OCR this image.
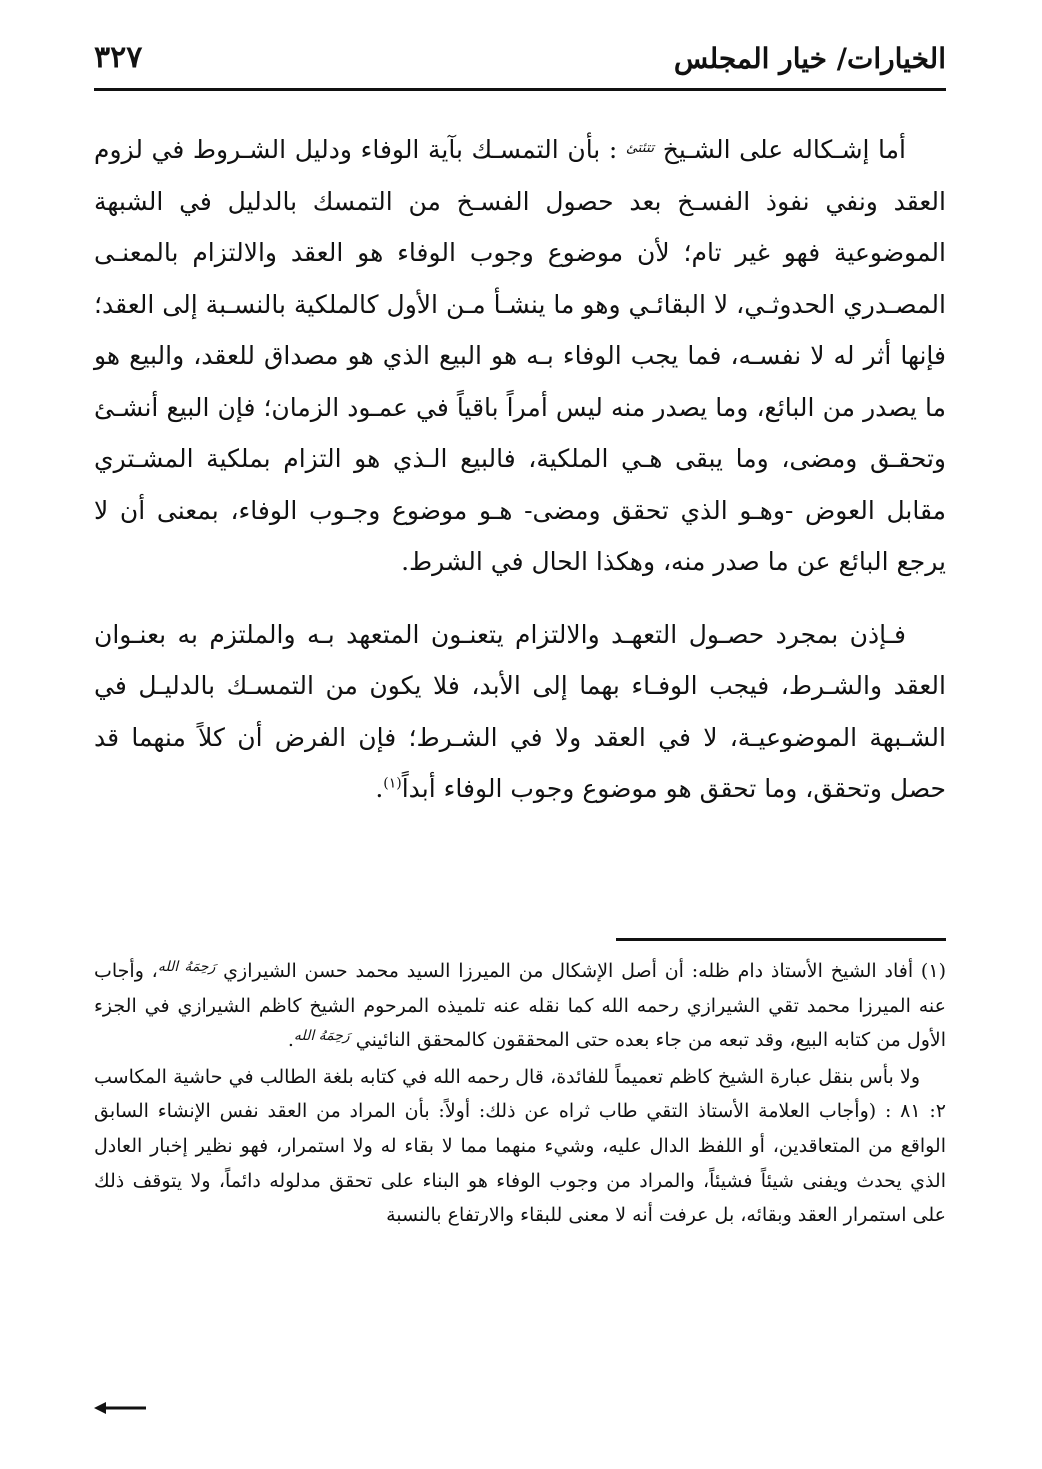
الخيارات/ خيار المجلس
٣٢٧

أما إشـكاله على الشـيخ $^{تتئتئ}$ : بأن التمسـك بآية الوفاء ودليل الشـروط في لزوم العقد ونفي نفوذ الفسـخ بعد حصول الفسـخ من التمسك بالدليل في الشبهة الموضوعية فهو غير تام؛ لأن موضوع وجوب الوفاء هو العقد والالتزام بالمعنـى المصـدري الحدوثـي، لا البقائـي وهو ما ينشـأ مـن الأول كالملكية بالنسـبة إلى العقد؛ فإنها أثر له لا نفسـه، فما يجب الوفاء بـه هو البيع الذي هو مصداق للعقد، والبيع هو ما يصدر من البائع، وما يصدر منه ليس أمراً باقياً في عمـود الزمان؛ فإن البيع أنشـئ وتحقـق ومضى، وما يبقى هـي الملكية، فالبيع الـذي هو التزام بملكية المشـتري مقابل العوض -وهـو الذي تحقق ومضى- هـو موضوع وجـوب الوفاء، بمعنى أن لا يرجع البائع عن ما صدر منه، وهكذا الحال في الشرط.

فـإذن بمجرد حصـول التعهـد والالتزام يتعنـون المتعهد بـه والملتزم به بعنـوان العقد والشـرط، فيجب الوفـاء بهما إلى الأبد، فلا يكون من التمسـك بالدليـل في الشـبهة الموضوعيـة، لا في العقد ولا في الشـرط؛ فإن الفرض أن كلاً منهما قد حصل وتحقق، وما تحقق هو موضوع وجوب الوفاء أبداً$^{(١)}$.

(١) أفاد الشيخ الأستاذ دام ظله: أن أصل الإشكال من الميرزا السيد محمد حسن الشيرازي $^{رَحِمَهُ الله}$، وأجاب عنه الميرزا محمد تقي الشيرازي رحمه الله كما نقله عنه تلميذه المرحوم الشيخ كاظم الشيرازي في الجزء الأول من كتابه البيع، وقد تبعه من جاء بعده حتى المحققون كالمحقق النائيني $^{رَحِمَهُ الله}$.

ولا بأس بنقل عبارة الشيخ كاظم تعميماً للفائدة، قال رحمه الله في كتابه بلغة الطالب في حاشية المكاسب ٢: ٨١ : (وأجاب العلامة الأستاذ التقي طاب ثراه عن ذلك: أولاً: بأن المراد من العقد نفس الإنشاء السابق الواقع من المتعاقدين، أو اللفظ الدال عليه، وشيء منهما مما لا بقاء له ولا استمرار، فهو نظير إخبار العادل الذي يحدث ويفنى شيئاً فشيئاً، والمراد من وجوب الوفاء هو البناء على تحقق مدلوله دائماً، ولا يتوقف ذلك على استمرار العقد وبقائه، بل عرفت أنه لا معنى للبقاء والارتفاع بالنسبة
